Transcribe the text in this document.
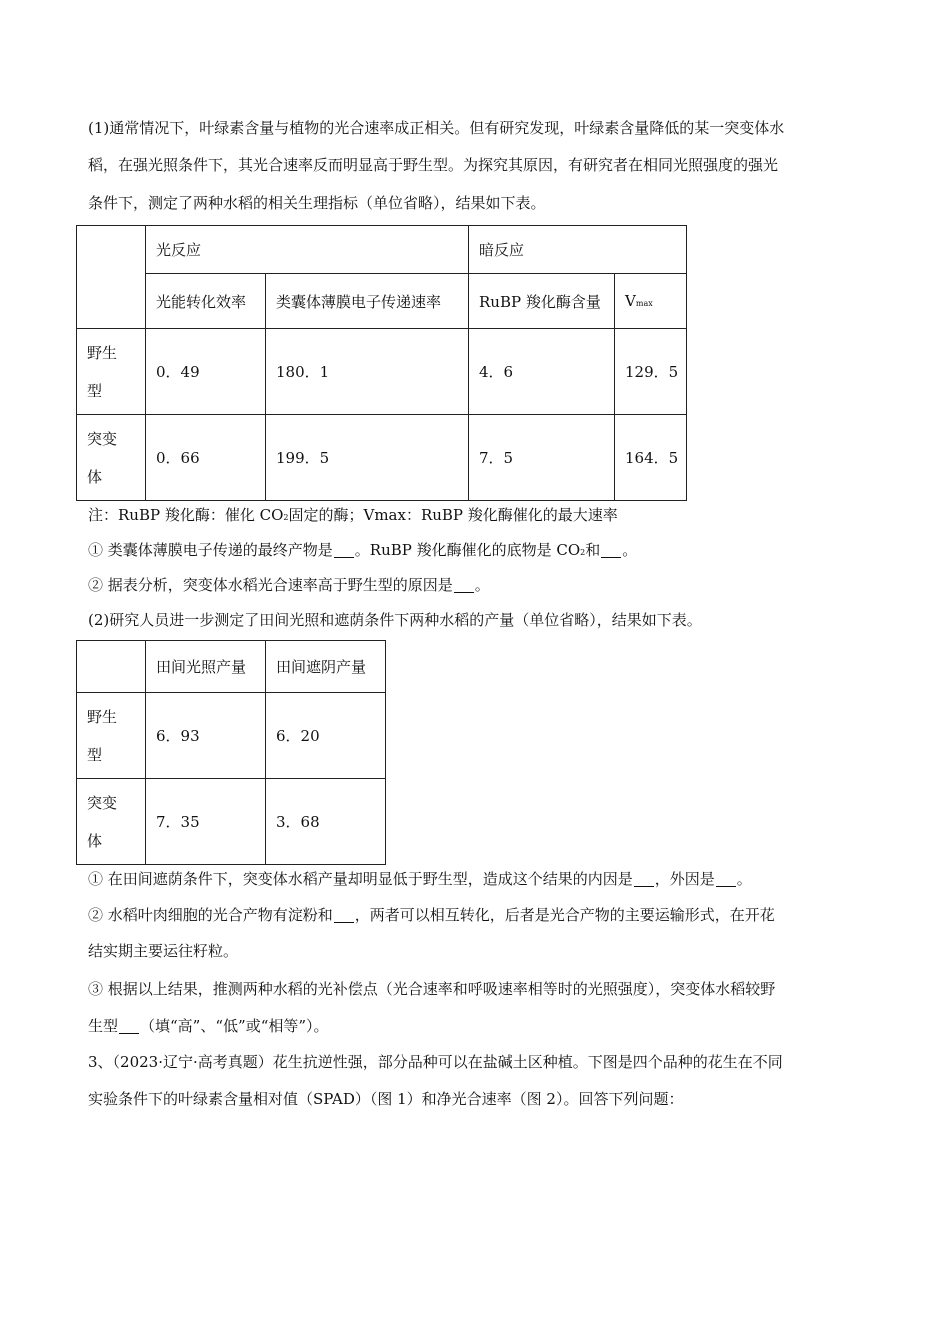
(1)通常情况下，叶绿素含量与植物的光合速率成正相关。但有研究发现，叶绿素含量降低的某一突变体水
稻，在强光照条件下，其光合速率反而明显高于野生型。为探究其原因，有研究者在相同光照强度的强光
条件下，测定了两种水稻的相关生理指标（单位省略），结果如下表。
	光反应		暗反应	
	光能转化效率	类囊体薄膜电子传递速率	RuBP 羧化酶含量	Vmax
野生
型	0．49	180．1	4．6	129．5
突变
体	0．66	199．5	7．5	164．5
注：RuBP 羧化酶：催化 CO2固定的酶；Vmax：RuBP 羧化酶催化的最大速率
① 类囊体薄膜电子传递的最终产物是 。RuBP 羧化酶催化的底物是 CO2和 。
② 据表分析，突变体水稻光合速率高于野生型的原因是 。
(2)研究人员进一步测定了田间光照和遮荫条件下两种水稻的产量（单位省略），结果如下表。
	田间光照产量	田间遮阴产量
野生
型	6．93	6．20
突变
体	7．35	3．68
① 在田间遮荫条件下，突变体水稻产量却明显低于野生型，造成这个结果的内因是 ，外因是 。
② 水稻叶肉细胞的光合产物有淀粉和 ，两者可以相互转化，后者是光合产物的主要运输形式，在开花
结实期主要运往籽粒。
③ 根据以上结果，推测两种水稻的光补偿点（光合速率和呼吸速率相等时的光照强度），突变体水稻较野
生型 （填“高”、“低”或“相等”）。
3、（2023·辽宁·高考真题）花生抗逆性强，部分品种可以在盐碱土区种植。下图是四个品种的花生在不同
实验条件下的叶绿素含量相对值（SPAD）（图 1）和净光合速率（图 2）。回答下列问题：
